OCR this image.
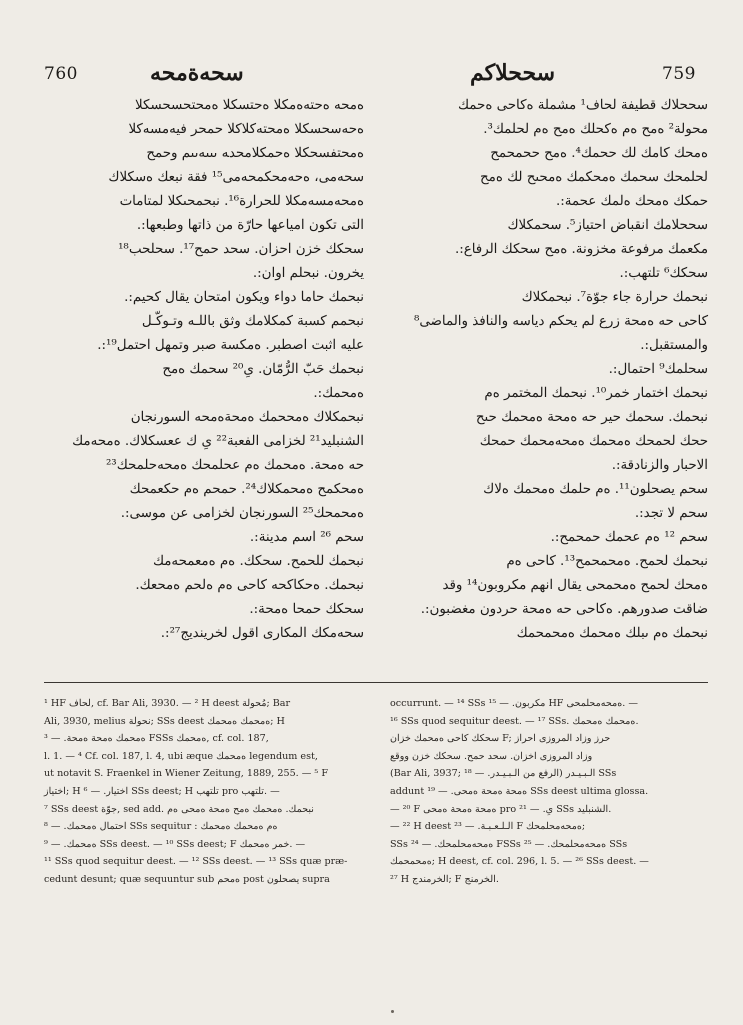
760	سح‍ەةمحە	سحح‍لاكم	759

ەمحە ەحتەەمك‍لا ەحتسك‍لا ەمحتحسحسك‍لا

ەحەسحسك‍لا ەمحتەك‍لاك‍لا حمحر فيەمسەك‍لا

ەمحتفسحك‍لا ەحمك‍لامحد‍ە ىىىەىىم وحمح

سحەمى، ەحەمحكمحەمى¹⁵ فقة نبعك ەسكلاك

ەمحەمسەمك‍لا للحرارة¹⁶. نبحمحىك‍لا لمتامات

التى تكون امياعها حارّة من ذاتها وطبعها:.

سحكك خزن احزان. سحد حمح¹⁷. سحلحب¹⁸

يخرون. نبحلم اوان:.

نبحمك حاما دواء ويكون امتحان يقال كحيم:.

نبحمم كسبة كمك‍لامك وثق باللـه وتـوكّـل

عليه اثبت اصطبر. ەمكسة صبر وتمهل احتمل¹⁹:.

نبحمك حَبّ الرُّمّان. ىِ²⁰ سحمك ەمح

ەمحمك:.

نبحمك‍لاك ەمححمك ەمحةەمحە السورنجان

الشنبليد²¹ لخزامى الفعبة²² ىِ ك ععسك‍لاك. ەمحەمك

حە ەمحة. ەمحمك ەم عحلمحك ەمحەحلمحك²³

ەمحكمح ەمحمك‍لاك²⁴. حمحم ەم حكعمحك

ەمحمحك²⁵ السورنجان لخزامى عن موسى:.

سحم ²⁶ اسم مدينة:.

نبحمك للحمح. سحكك. ەم ەمعمحەمك

نبحمك. ەحكاكحه كاحى ەم ەلحم ەمحعك.

سحكك حمحا ەمحة:.

سحەمكك المكارى اقول لخرينديج²⁷:.

سحح‍لاك قطيفة لحاف¹ مشملة ەكاحى ەحمك

محولة² ەمح ەم ەكحلك ەمح ەم لحلمك³.

ەمحك كامك لك ححمك⁴. ەمح ححمحمح

لحلمحك سحمك ەمحكمك ەمحىح لك ەمح

حمكك ەمحك ەلمك عحمة:.

سحح‍لامك انقباض احتياز⁵. سحمك‍لاك

مكعمك مرفوعة مخزونة. ەمح سحكك الرفاع:.

سحكك⁶ تلتهب:.

نبحمك حرارة جاء جوّة⁷. نبحمك‍لاك

كاحى حە ەمحة زرع لم يحكم دياسه والنافذ والماضى⁸

والمستقبل:.

سحلمك⁹ احتمال:.

نبحمك اختمار خمر¹⁰. نبحمك المختمر ەم

نبحمك. سحمك حير حە ەمحة ەمحمك حىح

ححك لحمحك ەمحمك ەمحەمحمك حمحك

الاحبار والزنادقة:.

سحم يصحلون¹¹. ەم حلمك ەمحمك ەلاك

سحم لا تجد:.

سحم ¹² ەم عحمك حمحمح:.

نبحمك لحمح. ەمحمحمح¹³. كاحى ەم

ەمحك لحمح ەمحمحى يقال انهم مكروبون¹⁴ وقد

ضاقت صدورهم. ەكاحى حە ەمحة حردون مغضبون:.

نبحمك ەم ىبلك ەمحمك ەمحمحمك

¹ HF لحاف, cf. Bar Ali, 3930. — ² H deest مُحولة; Bar

Ali, 3930, melius نحولة; SSs deest ەمحمك ەمحمك; H

ەمحمك ەمحة ەمحة. — ³ FSSs ەمحمك, cf. col. 187,

l. 1. — ⁴ Cf. col. 187, l. 4, ubi æque ەمحمك legendum est,

ut notavit S. Fraenkel in Wiener Zeitung, 1889, 255. — ⁵ F

اختياز; H اختيار. — ⁶ SSs deest; H تلتهب pro تلتهب. —

⁷ SSs deest جوّة, sed add. نبحمك. ەمحمك ەمح ەمحة ەمحى ەم

احتمال ەمحمك. — ⁸ SSs sequitur : ەم ەمحمك ەمحمك

ەمحمك. — ⁹ SSs deest. — ¹⁰ SSs deest; F خمر ەمحمك. —

¹¹ SSs quod sequitur deest. — ¹² SSs deest. — ¹³ SSs quæ præ-

cedunt desunt; quæ sequuntur sub ەمحم post يصحلون supra

occurrunt. — ¹⁴ SSs مكربون. — ¹⁵ HF ەمحەمحلمحى. —

¹⁶ SSs quod sequitur deest. — ¹⁷ SSs. ەمحمك ەمحمك.

سحكك كاحى ەمحمك خزان F; حرز وزاد المروزى احراز

وزاد المروزى اخزان. سحد حمح. سحكك خزن ووقع

(Bar Ali, 3937; الـبـيـدر (الرفع من الـبـيـدر. — ¹⁸ SSs

addunt ەمحة ەمحة ەمحى. — ¹⁹ SSs deest ultima glossa.

— ²⁰ F ەمحة ەمحة ەمحى pro ىِ. — ²¹ SSs الشنبليد.

— ²² H deest الـلـعـبـة. — ²³ F ەمحەمحلمحك;

SSs ەمحەمحلمحك. — ²⁴ FSSs ەمحەمحلمحك. — ²⁵ SSs

ەمحمحمك; H deest, cf. col. 296, l. 5. — ²⁶ SSs deest. —

²⁷ H الخرمندج; F الخرمنج.
